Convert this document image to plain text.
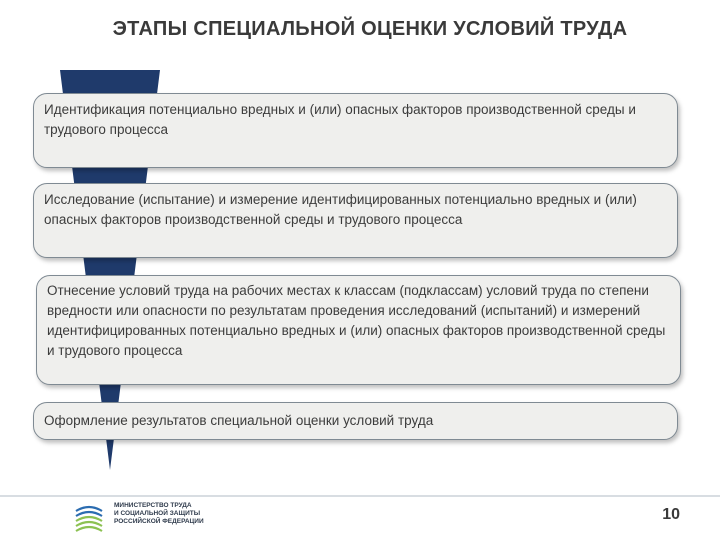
ЭТАПЫ СПЕЦИАЛЬНОЙ ОЦЕНКИ УСЛОВИЙ ТРУДА
Идентификация потенциально вредных и (или) опасных факторов производственной среды и трудового процесса
Исследование (испытание) и измерение идентифицированных потенциально вредных и (или) опасных факторов производственной среды и трудового процесса
Отнесение условий труда на рабочих местах к классам (подклассам) условий труда по степени вредности или опасности по результатам проведения исследований (испытаний) и измерений идентифицированных потенциально вредных и (или) опасных факторов производственной среды и трудового процесса
Оформление результатов специальной оценки условий труда
МИНИСТЕРСТВО ТРУДА
И СОЦИАЛЬНОЙ ЗАЩИТЫ
РОССИЙСКОЙ ФЕДЕРАЦИИ	10
